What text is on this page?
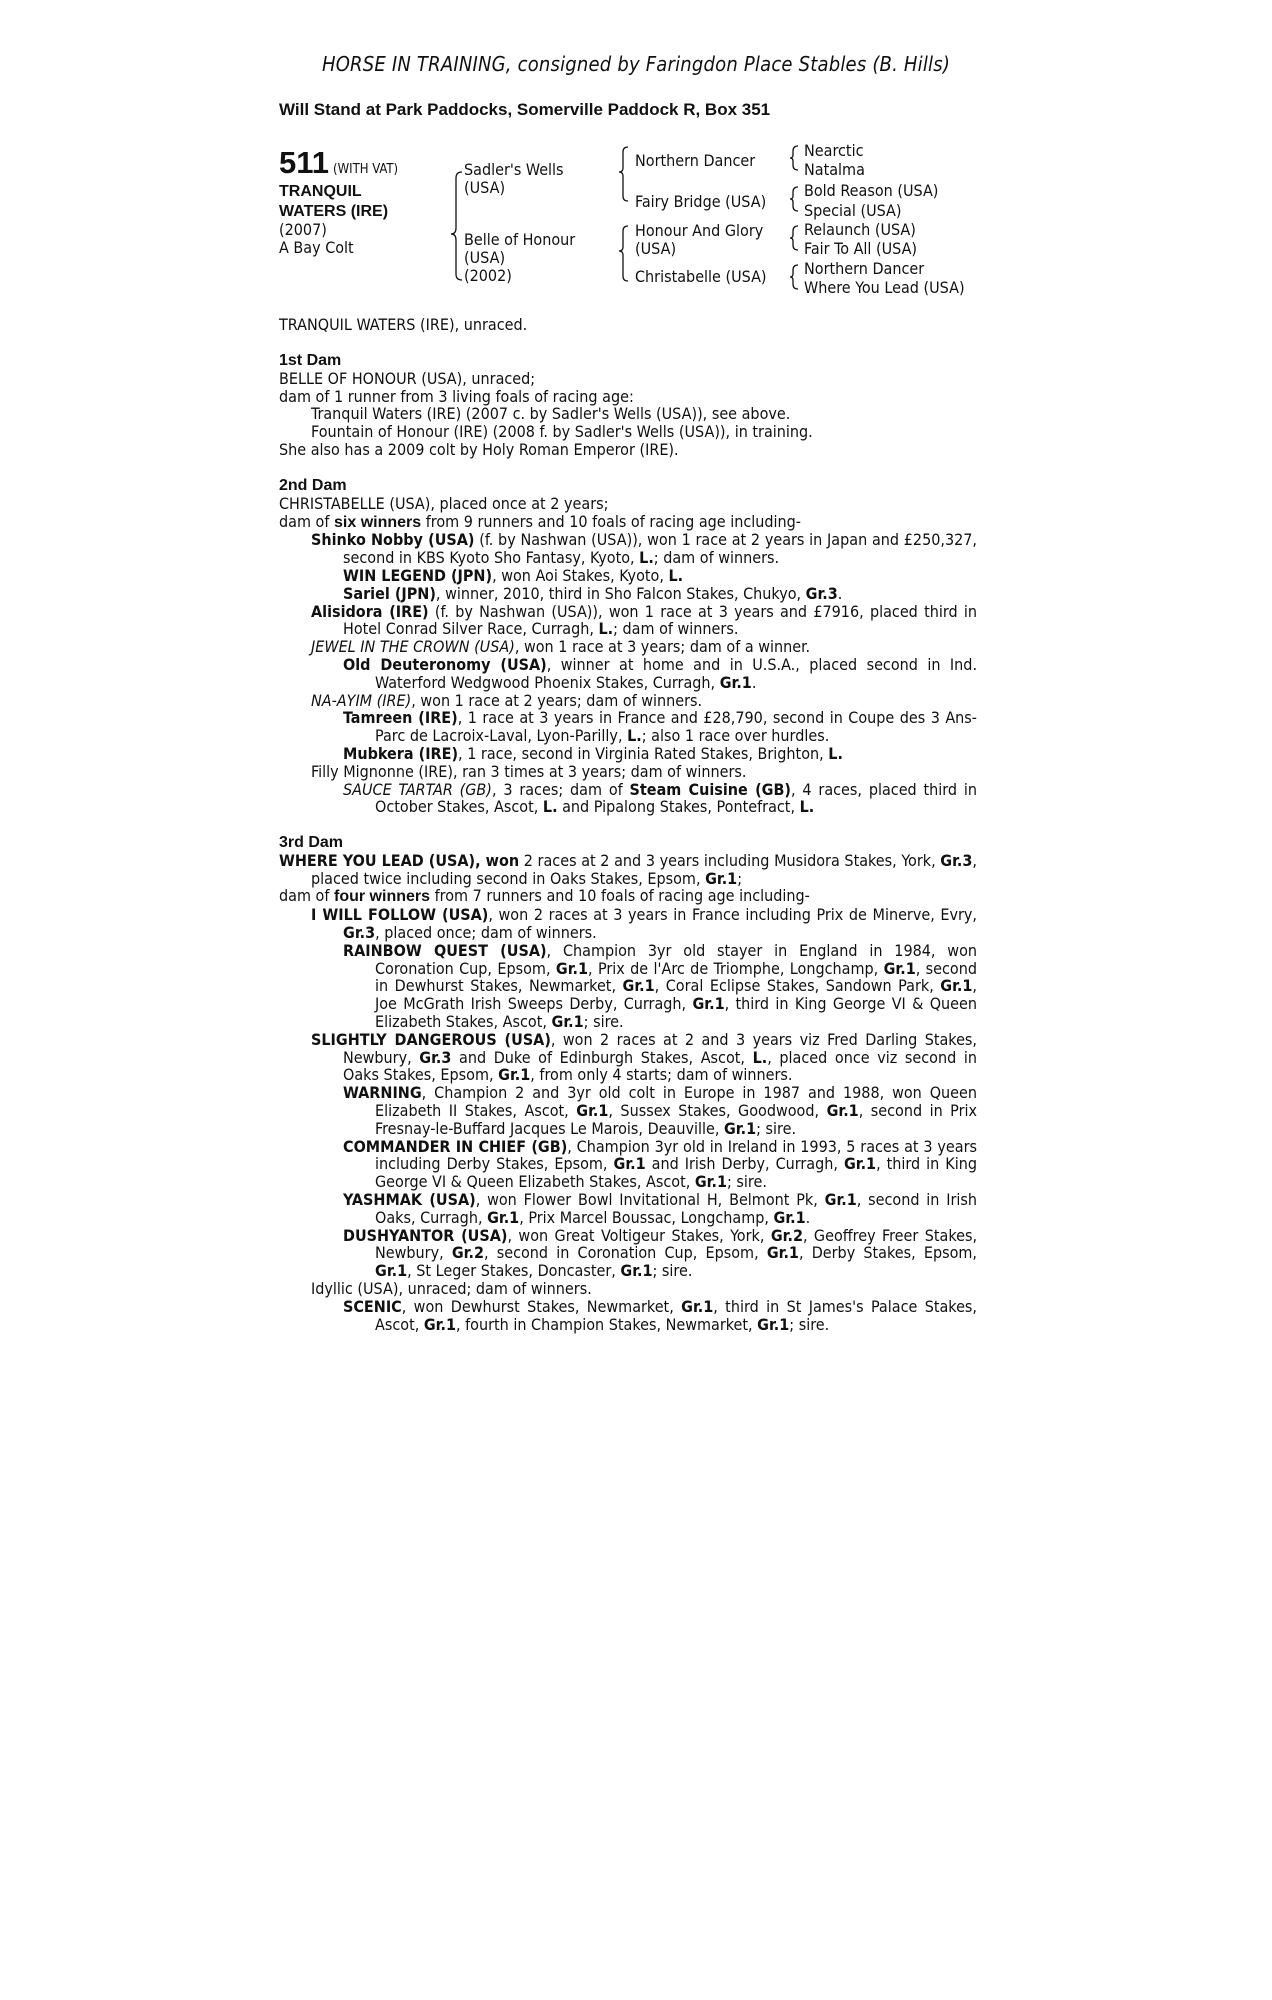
HORSE IN TRAINING, consigned by Faringdon Place Stables (B. Hills)
Will Stand at Park Paddocks, Somerville Paddock R, Box 351
511 (WITH VAT)
TRANQUIL
WATERS (IRE)
(2007)
A Bay Colt
Sadler's Wells
(USA)
Belle of Honour
(USA)
(2002)
Northern Dancer
Fairy Bridge (USA)
Honour And Glory
(USA)
Christabelle (USA)
Nearctic
Natalma
Bold Reason (USA)
Special (USA)
Relaunch (USA)
Fair To All (USA)
Northern Dancer
Where You Lead (USA)
TRANQUIL WATERS (IRE), unraced.

1st Dam

BELLE OF HONOUR (USA), unraced;

dam of 1 runner from 3 living foals of racing age:

Tranquil Waters (IRE) (2007 c. by Sadler's Wells (USA)), see above.

Fountain of Honour (IRE) (2008 f. by Sadler's Wells (USA)), in training.

She also has a 2009 colt by Holy Roman Emperor (IRE).

2nd Dam

CHRISTABELLE (USA), placed once at 2 years;

dam of six winners from 9 runners and 10 foals of racing age including-

Shinko Nobby (USA) (f. by Nashwan (USA)), won 1 race at 2 years in Japan and £250,327, second in KBS Kyoto Sho Fantasy, Kyoto, L.; dam of winners.

WIN LEGEND (JPN), won Aoi Stakes, Kyoto, L.

Sariel (JPN), winner, 2010, third in Sho Falcon Stakes, Chukyo, Gr.3.

Alisidora (IRE) (f. by Nashwan (USA)), won 1 race at 3 years and £7916, placed third in Hotel Conrad Silver Race, Curragh, L.; dam of winners.

JEWEL IN THE CROWN (USA), won 1 race at 3 years; dam of a winner.

Old Deuteronomy (USA), winner at home and in U.S.A., placed second in Ind. Waterford Wedgwood Phoenix Stakes, Curragh, Gr.1.

NA-AYIM (IRE), won 1 race at 2 years; dam of winners.

Tamreen (IRE), 1 race at 3 years in France and £28,790, second in Coupe des 3 Ans-Parc de Lacroix-Laval, Lyon-Parilly, L.; also 1 race over hurdles.

Mubkera (IRE), 1 race, second in Virginia Rated Stakes, Brighton, L.

Filly Mignonne (IRE), ran 3 times at 3 years; dam of winners.

SAUCE TARTAR (GB), 3 races; dam of Steam Cuisine (GB), 4 races, placed third in October Stakes, Ascot, L. and Pipalong Stakes, Pontefract, L.

3rd Dam

WHERE YOU LEAD (USA), won 2 races at 2 and 3 years including Musidora Stakes, York, Gr.3, placed twice including second in Oaks Stakes, Epsom, Gr.1;

dam of four winners from 7 runners and 10 foals of racing age including-

I WILL FOLLOW (USA), won 2 races at 3 years in France including Prix de Minerve, Evry, Gr.3, placed once; dam of winners.

RAINBOW QUEST (USA), Champion 3yr old stayer in England in 1984, won Coronation Cup, Epsom, Gr.1, Prix de l'Arc de Triomphe, Longchamp, Gr.1, second in Dewhurst Stakes, Newmarket, Gr.1, Coral Eclipse Stakes, Sandown Park, Gr.1, Joe McGrath Irish Sweeps Derby, Curragh, Gr.1, third in King George VI & Queen Elizabeth Stakes, Ascot, Gr.1; sire.

SLIGHTLY DANGEROUS (USA), won 2 races at 2 and 3 years viz Fred Darling Stakes, Newbury, Gr.3 and Duke of Edinburgh Stakes, Ascot, L., placed once viz second in Oaks Stakes, Epsom, Gr.1, from only 4 starts; dam of winners.

WARNING, Champion 2 and 3yr old colt in Europe in 1987 and 1988, won Queen Elizabeth II Stakes, Ascot, Gr.1, Sussex Stakes, Goodwood, Gr.1, second in Prix Fresnay-le-Buffard Jacques Le Marois, Deauville, Gr.1; sire.

COMMANDER IN CHIEF (GB), Champion 3yr old in Ireland in 1993, 5 races at 3 years including Derby Stakes, Epsom, Gr.1 and Irish Derby, Curragh, Gr.1, third in King George VI & Queen Elizabeth Stakes, Ascot, Gr.1; sire.

YASHMAK (USA), won Flower Bowl Invitational H, Belmont Pk, Gr.1, second in Irish Oaks, Curragh, Gr.1, Prix Marcel Boussac, Longchamp, Gr.1.

DUSHYANTOR (USA), won Great Voltigeur Stakes, York, Gr.2, Geoffrey Freer Stakes, Newbury, Gr.2, second in Coronation Cup, Epsom, Gr.1, Derby Stakes, Epsom, Gr.1, St Leger Stakes, Doncaster, Gr.1; sire.

Idyllic (USA), unraced; dam of winners.

SCENIC, won Dewhurst Stakes, Newmarket, Gr.1, third in St James's Palace Stakes, Ascot, Gr.1, fourth in Champion Stakes, Newmarket, Gr.1; sire.
